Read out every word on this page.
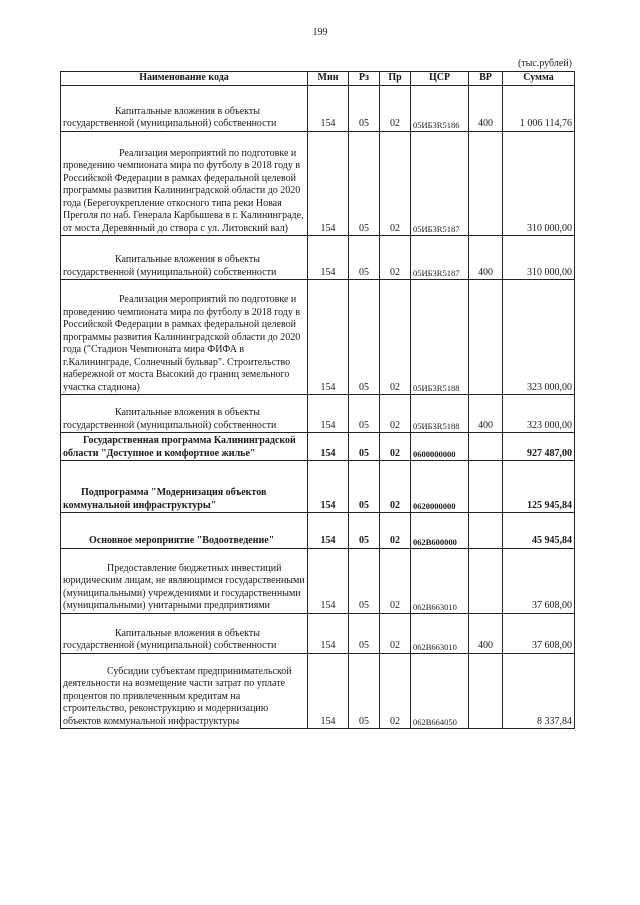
199
(тыс.рублей)
Наименование кода	Мин	Рз	Пр	ЦСР	ВР	Сумма
Капитальные вложения в объекты государственной (муниципальной) собственности	154	05	02	05ИБ3R5186	400	1 006 114,76
Реализация мероприятий по подготовке и проведению чемпионата мира по футболу в 2018 году в Российской Федерации в рамках федеральной целевой программы развития Калининградской области до 2020 года (Берегоукрепление откосного типа реки Новая Преголя по наб. Генерала Карбышева в г. Калининграде, от моста Деревянный до створа с ул. Литовский вал)	154	05	02	05ИБ3R5187		310 000,00
Капитальные вложения в объекты государственной (муниципальной) собственности	154	05	02	05ИБ3R5187	400	310 000,00
Реализация мероприятий по подготовке и проведению чемпионата мира по футболу в 2018 году в Российской Федерации в рамках федеральной целевой программы развития Калининградской области до 2020 года ("Стадион Чемпионата мира ФИФА в г.Калининграде, Солнечный бульвар". Строительство набережной от моста Высокий до границ земельного участка стадиона)	154	05	02	05ИБ3R5188		323 000,00
Капитальные вложения в объекты государственной (муниципальной) собственности	154	05	02	05ИБ3R5188	400	323 000,00
Государственная программа Калининградской области "Доступное и комфортное жилье"	154	05	02	0600000000		927 487,00
Подпрограмма "Модернизация объектов коммунальной инфраструктуры"	154	05	02	0620000000		125 945,84
Основное мероприятие "Водоотведение"	154	05	02	062B600000		45 945,84
Предоставление бюджетных инвестиций юридическим лицам, не являющимся государственными (муниципальными) учреждениями и государственными (муниципальными) унитарными предприятиями	154	05	02	062B663010		37 608,00
Капитальные вложения в объекты государственной (муниципальной) собственности	154	05	02	062B663010	400	37 608,00
Субсидии субъектам предпринимательской деятельности на возмещение части затрат по уплате процентов по привлеченным кредитам на строительство, реконструкцию и модернизацию объектов коммунальной инфраструктуры	154	05	02	062B664050		8 337,84
